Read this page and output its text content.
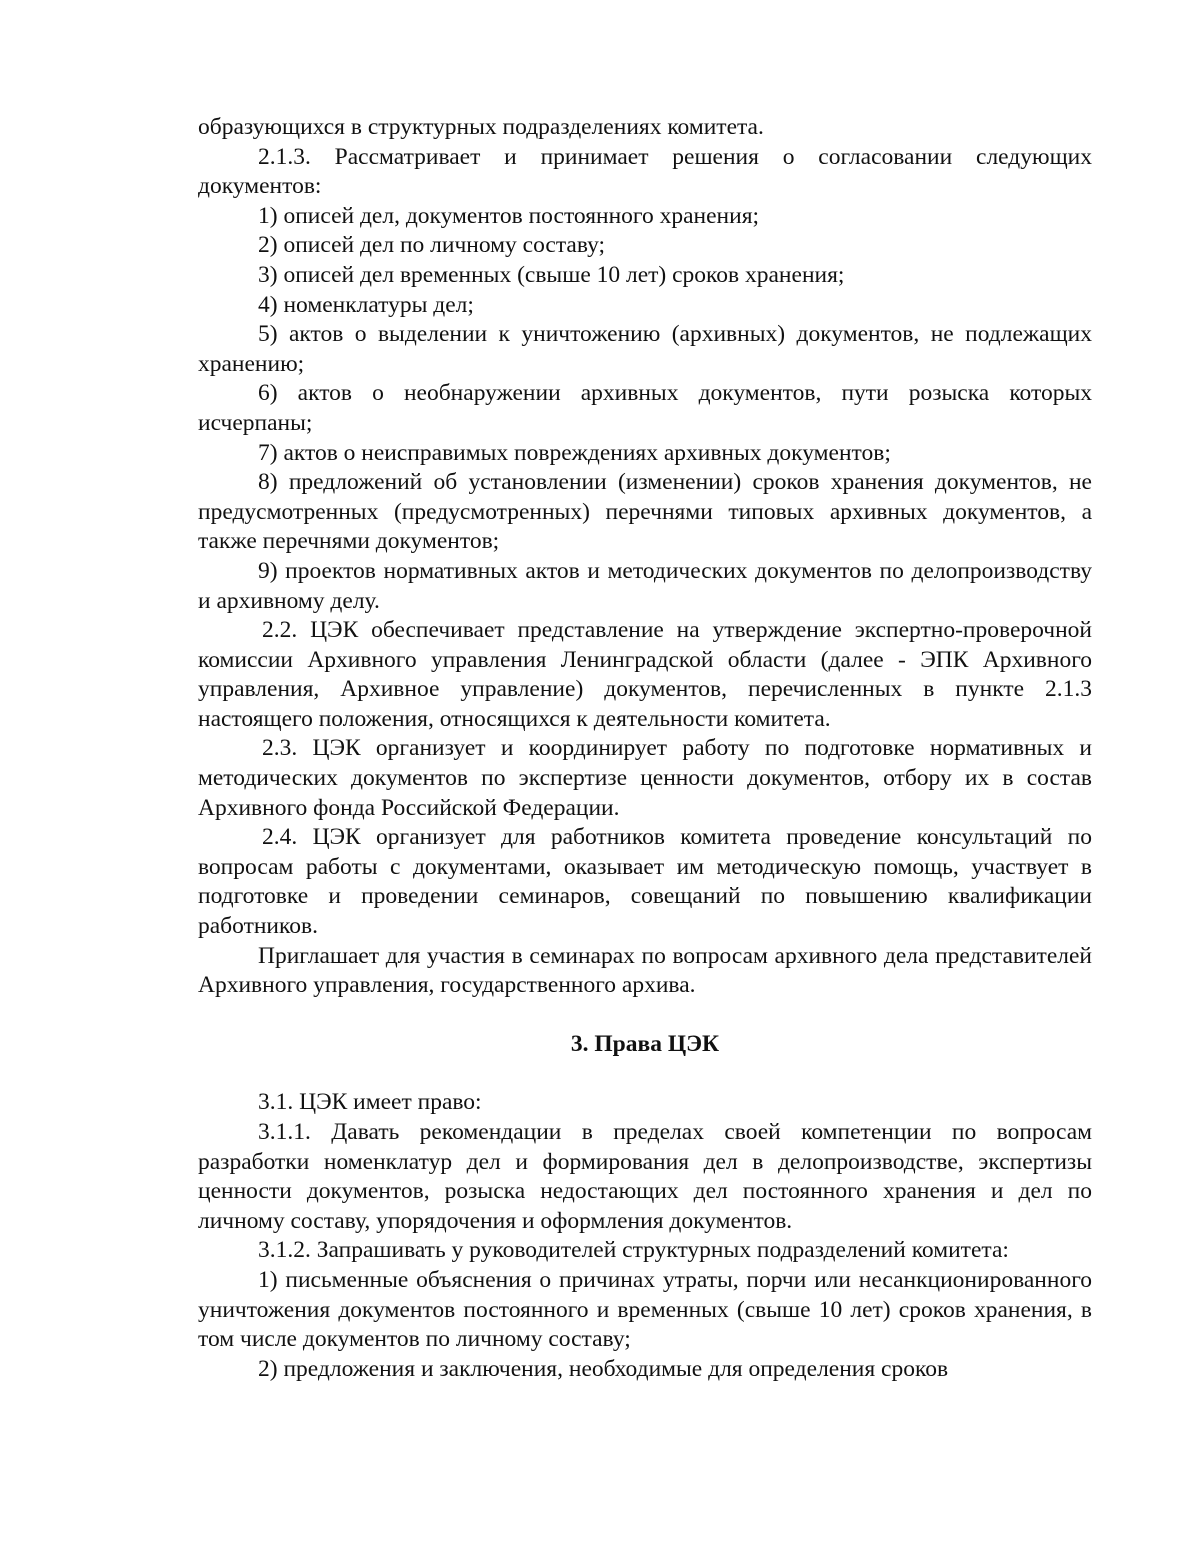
образующихся в структурных подразделениях комитета.

2.1.3. Рассматривает и принимает решения о согласовании следующих документов:

1) описей дел, документов постоянного хранения;

2) описей дел по личному составу;

3) описей дел временных (свыше 10 лет) сроков хранения;

4) номенклатуры дел;

5) актов о выделении к уничтожению (архивных) документов, не подлежащих хранению;

6) актов о необнаружении архивных документов, пути розыска которых исчерпаны;

7) актов о неисправимых повреждениях архивных документов;

8) предложений об установлении (изменении) сроков хранения документов, не предусмотренных (предусмотренных) перечнями типовых архивных документов, а также перечнями документов;

9) проектов нормативных актов и методических документов по делопроизводству и архивному делу.

2.2. ЦЭК обеспечивает представление на утверждение экспертно-проверочной комиссии Архивного управления Ленинградской области (далее - ЭПК Архивного управления, Архивное управление) документов, перечисленных в пункте 2.1.3 настоящего положения, относящихся к деятельности комитета.

2.3. ЦЭК организует и координирует работу по подготовке нормативных и методических документов по экспертизе ценности документов, отбору их в состав Архивного фонда Российской Федерации.

2.4. ЦЭК организует для работников комитета проведение консультаций по вопросам работы с документами, оказывает им методическую помощь, участвует в подготовке и проведении семинаров, совещаний по повышению квалификации работников.

Приглашает для участия в семинарах по вопросам архивного дела представителей Архивного управления, государственного архива.

3. Права ЦЭК

3.1. ЦЭК имеет право:

3.1.1. Давать рекомендации в пределах своей компетенции по вопросам разработки номенклатур дел и формирования дел в делопроизводстве, экспертизы ценности документов, розыска недостающих дел постоянного хранения и дел по личному составу, упорядочения и оформления документов.

3.1.2. Запрашивать у руководителей структурных подразделений комитета:

1) письменные объяснения о причинах утраты, порчи или несанкционированного уничтожения документов постоянного и временных (свыше 10 лет) сроков хранения, в том числе документов по личному составу;

2) предложения и заключения, необходимые для определения сроков
